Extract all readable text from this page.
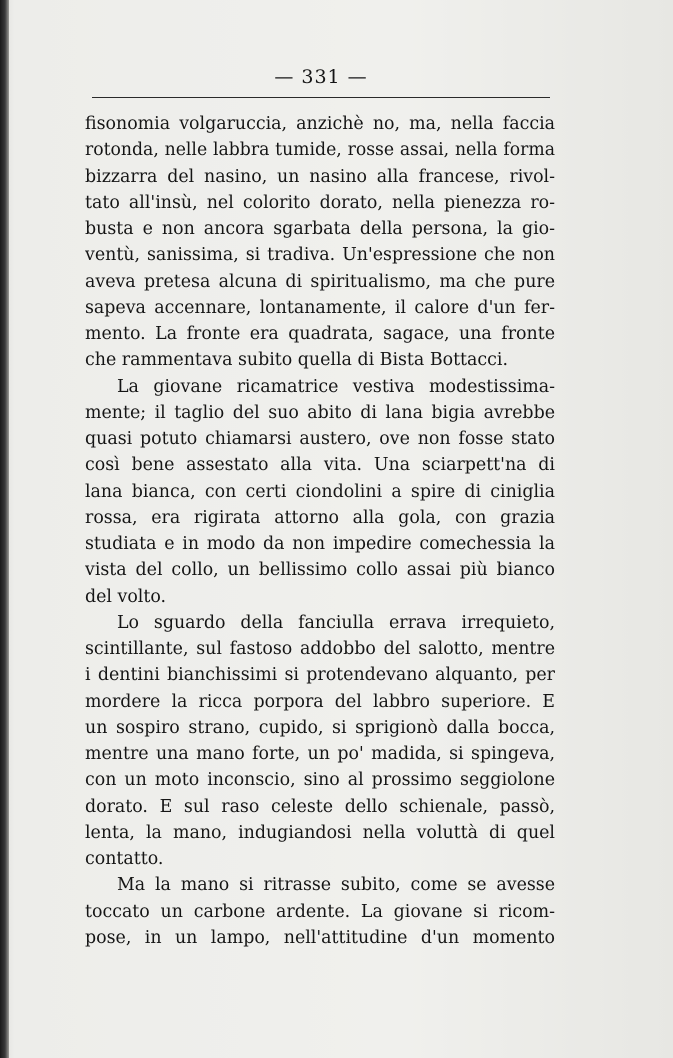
— 331 —
fisonomia volgaruccia, anzichè no, ma, nella faccia
rotonda, nelle labbra tumide, rosse assai, nella forma
bizzarra del nasino, un nasino alla francese, rivol-
tato all'insù, nel colorito dorato, nella pienezza ro-
busta e non ancora sgarbata della persona, la gio-
ventù, sanissima, si tradiva. Un'espressione che non
aveva pretesa alcuna di spiritualismo, ma che pure
sapeva accennare, lontanamente, il calore d'un fer-
mento. La fronte era quadrata, sagace, una fronte
che rammentava subito quella di Bista Bottacci.
La giovane ricamatrice vestiva modestissima-
mente; il taglio del suo abito di lana bigia avrebbe
quasi potuto chiamarsi austero, ove non fosse stato
così bene assestato alla vita. Una sciarpett'na di
lana bianca, con certi ciondolini a spire di ciniglia
rossa, era rigirata attorno alla gola, con grazia
studiata e in modo da non impedire comechessia la
vista del collo, un bellissimo collo assai più bianco
del volto.
Lo sguardo della fanciulla errava irrequieto,
scintillante, sul fastoso addobbo del salotto, mentre
i dentini bianchissimi si protendevano alquanto, per
mordere la ricca porpora del labbro superiore. E
un sospiro strano, cupido, si sprigionò dalla bocca,
mentre una mano forte, un po' madida, si spingeva,
con un moto inconscio, sino al prossimo seggiolone
dorato. E sul raso celeste dello schienale, passò,
lenta, la mano, indugiandosi nella voluttà di quel
contatto.
Ma la mano si ritrasse subito, come se avesse
toccato un carbone ardente. La giovane si ricom-
pose, in un lampo, nell'attitudine d'un momento
